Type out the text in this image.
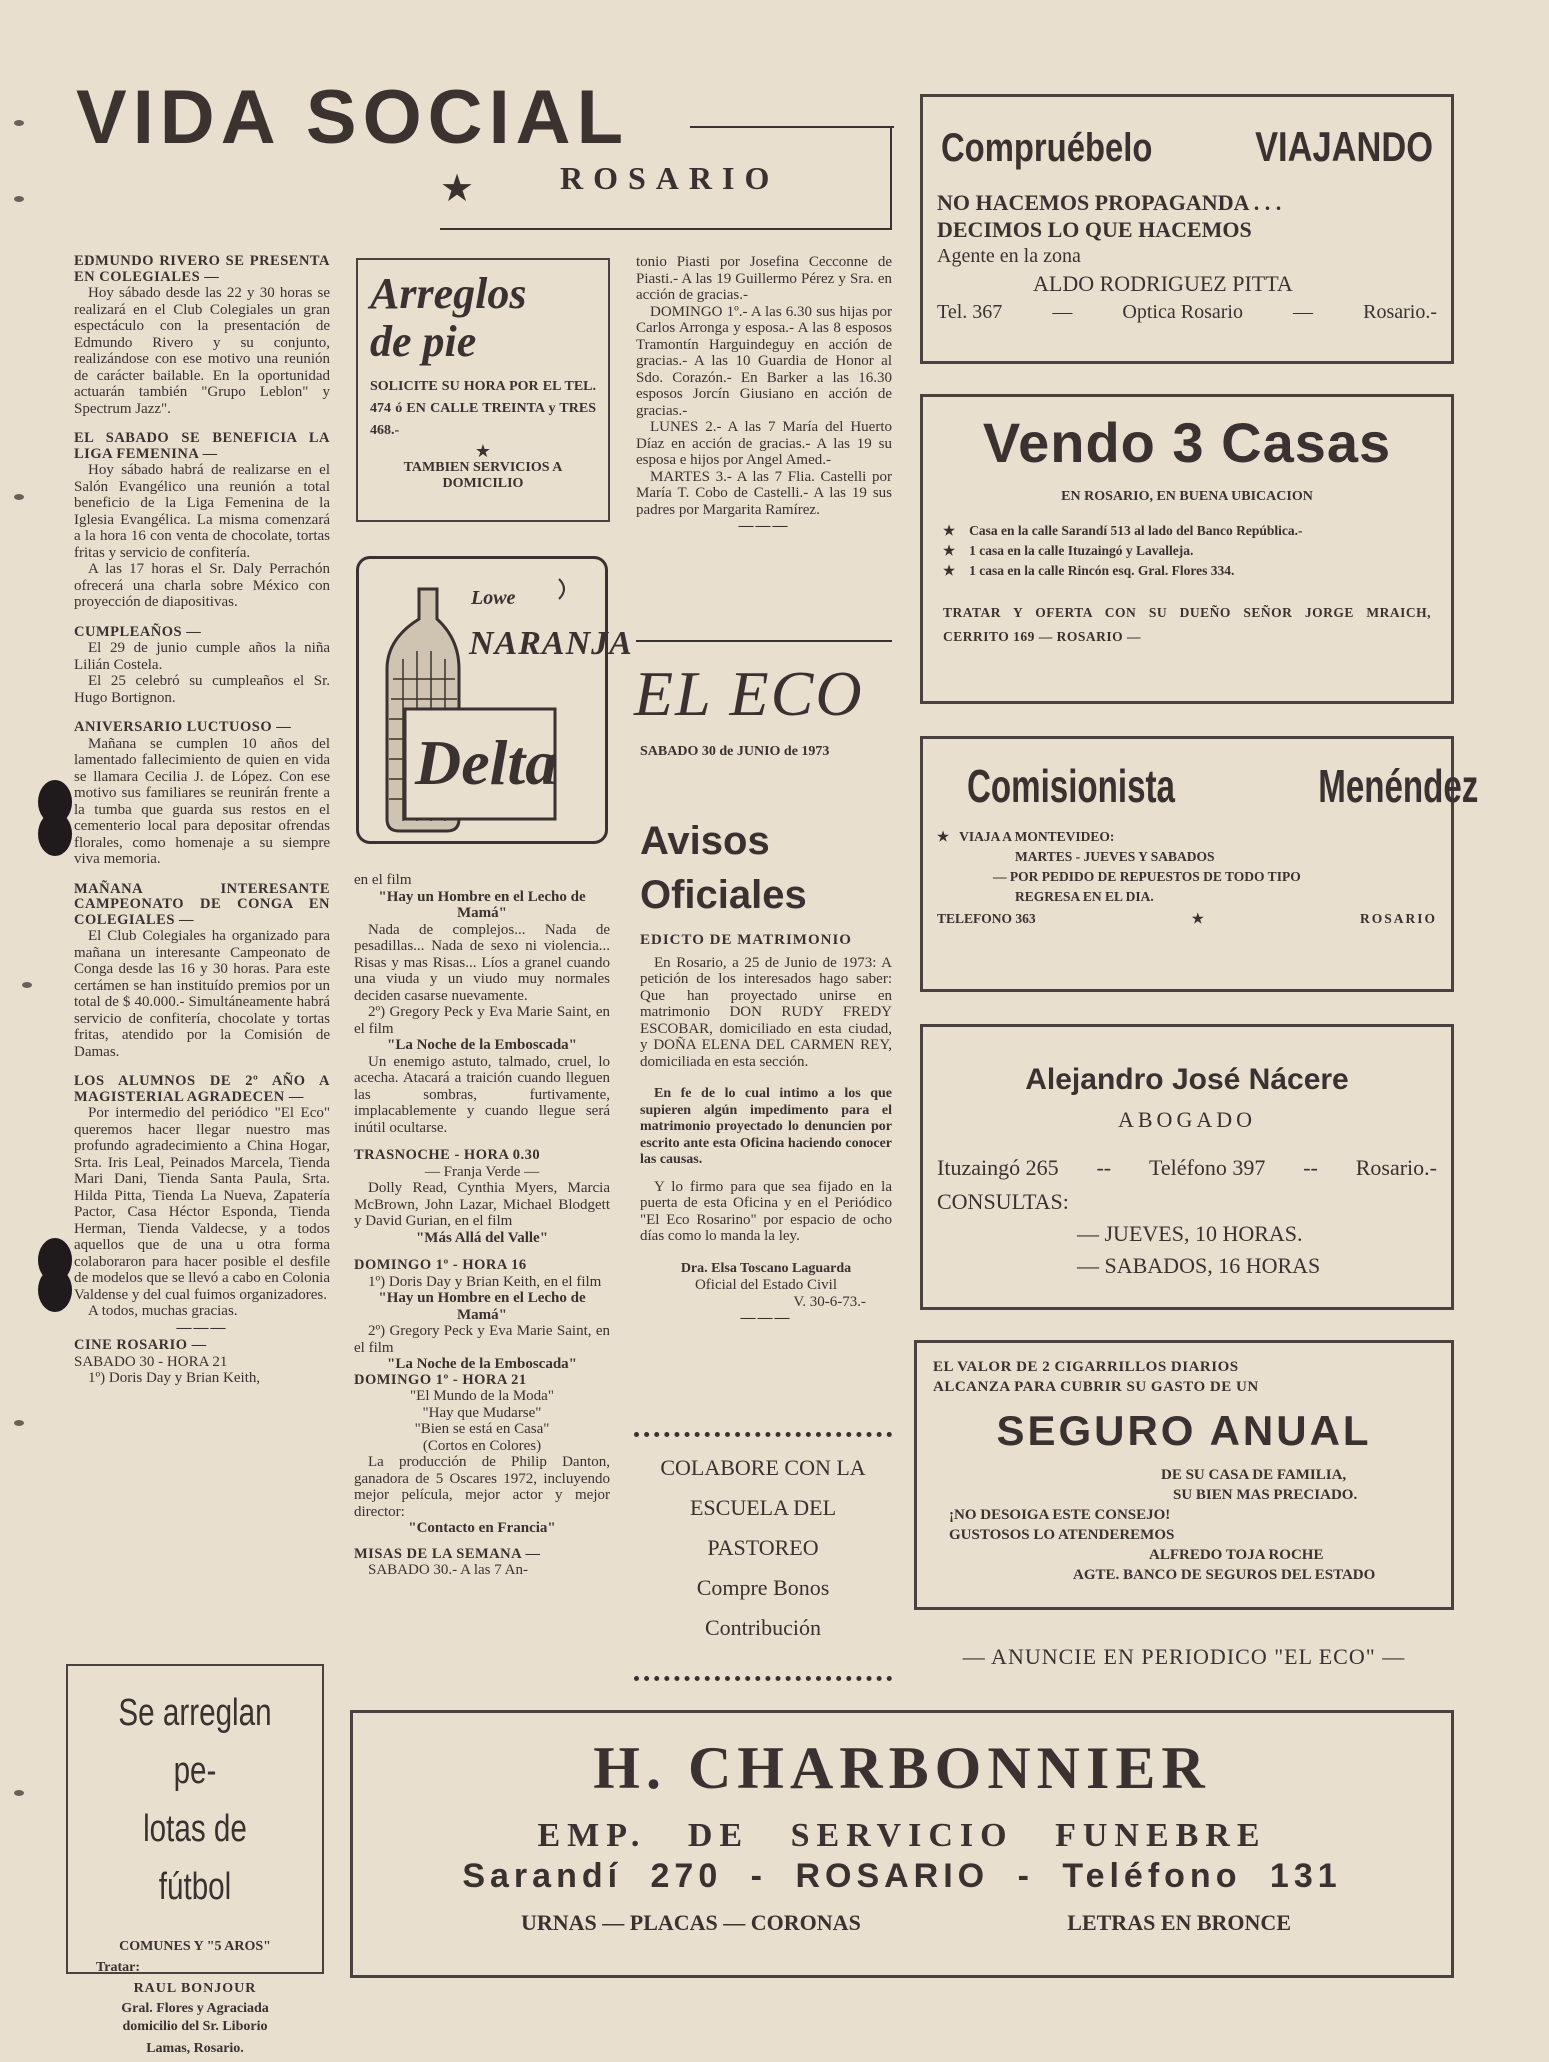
VIDA SOCIAL
★	ROSARIO
EDMUNDO RIVERO SE PRESENTA EN COLEGIALES —

Hoy sábado desde las 22 y 30 horas se realizará en el Club Colegiales un gran espectáculo con la presentación de Edmundo Rivero y su conjunto, realizándose con ese motivo una reunión de carácter bailable. En la oportunidad actuarán también "Grupo Leblon" y Spectrum Jazz".

EL SABADO SE BENEFICIA LA LIGA FEMENINA —

Hoy sábado habrá de realizarse en el Salón Evangélico una reunión a total beneficio de la Liga Femenina de la Iglesia Evangélica. La misma comenzará a la hora 16 con venta de chocolate, tortas fritas y servicio de confitería.

A las 17 horas el Sr. Daly Perrachón ofrecerá una charla sobre México con proyección de diapositivas.

CUMPLEAÑOS —

El 29 de junio cumple años la niña Lilián Costela.

El 25 celebró su cumpleaños el Sr. Hugo Bortignon.

ANIVERSARIO LUCTUOSO —

Mañana se cumplen 10 años del lamentado fallecimiento de quien en vida se llamara Cecilia J. de López. Con ese motivo sus familiares se reunirán frente a la tumba que guarda sus restos en el cementerio local para depositar ofrendas florales, como homenaje a su siempre viva memoria.

MAÑANA INTERESANTE CAMPEONATO DE CONGA EN COLEGIALES —

El Club Colegiales ha organizado para mañana un interesante Campeonato de Conga desde las 16 y 30 horas. Para este certámen se han instituído premios por un total de $ 40.000.- Simultáneamente habrá servicio de confitería, chocolate y tortas fritas, atendido por la Comisión de Damas.

LOS ALUMNOS DE 2º AÑO A MAGISTERIAL AGRADECEN —

Por intermedio del periódico "El Eco" queremos hacer llegar nuestro mas profundo agradecimiento a China Hogar, Srta. Iris Leal, Peinados Marcela, Tienda Mari Dani, Tienda Santa Paula, Srta. Hilda Pitta, Tienda La Nueva, Zapatería Pactor, Casa Héctor Esponda, Tienda Herman, Tienda Valdecse, y a todos aquellos que de una u otra forma colaboraron para hacer posible el desfile de modelos que se llevó a cabo en Colonia Valdense y del cual fuimos organizadores.

A todos, muchas gracias.

———
CINE ROSARIO —
SABADO 30 - HORA 21

1º) Doris Day y Brian Keith,

Arreglos
de pie
SOLICITE SU HORA POR EL TEL. 474 ó EN CALLE TREINTA y TRES 468.-
★
TAMBIEN SERVICIOS A DOMICILIO
Lowe
NARANJA
Delta
en el film
"Hay un Hombre en el Lecho de Mamá"

Nada de complejos... Nada de pesadillas... Nada de sexo ni violencia... Risas y mas Risas... Líos a granel cuando una viuda y un viudo muy normales deciden casarse nuevamente.

2º) Gregory Peck y Eva Marie Saint, en el film

"La Noche de la Emboscada"

Un enemigo astuto, talmado, cruel, lo acecha. Atacará a traición cuando lleguen las sombras, furtivamente, implacablemente y cuando llegue será inútil ocultarse.

TRASNOCHE - HORA 0.30
— Franja Verde —

Dolly Read, Cynthia Myers, Marcia McBrown, John Lazar, Michael Blodgett y David Gurian, en el film

"Más Allá del Valle"
DOMINGO 1º - HORA 16

1º) Doris Day y Brian Keith, en el film

"Hay un Hombre en el Lecho de Mamá"

2º) Gregory Peck y Eva Marie Saint, en el film

"La Noche de la Emboscada"
DOMINGO 1º - HORA 21
"El Mundo de la Moda"
"Hay que Mudarse"
"Bien se está en Casa"
(Cortos en Colores)

La producción de Philip Danton, ganadora de 5 Oscares 1972, incluyendo mejor película, mejor actor y mejor director:

"Contacto en Francia"
MISAS DE LA SEMANA —

SABADO 30.- A las 7 An-

tonio Piasti por Josefina Cecconne de Piasti.- A las 19 Guillermo Pérez y Sra. en acción de gracias.-

DOMINGO 1º.- A las 6.30 sus hijas por Carlos Arronga y esposa.- A las 8 esposos Tramontín Harguindeguy en acción de gracias.- A las 10 Guardia de Honor al Sdo. Corazón.- En Barker a las 16.30 esposos Jorcín Giusiano en acción de gracias.-

LUNES 2.- A las 7 María del Huerto Díaz en acción de gracias.- A las 19 su esposa e hijos por Angel Amed.-

MARTES 3.- A las 7 Flia. Castelli por María T. Cobo de Castelli.- A las 19 sus padres por Margarita Ramírez.

———
EL ECO
SABADO 30 de JUNIO de 1973
Avisos
Oficiales
EDICTO DE MATRIMONIO

En Rosario, a 25 de Junio de 1973: A petición de los interesados hago saber: Que han proyectado unirse en matrimonio DON RUDY FREDY ESCOBAR, domiciliado en esta ciudad, y DOÑA ELENA DEL CARMEN REY, domiciliada en esta sección.

En fe de lo cual intimo a los que supieren algún impedimento para el matrimonio proyectado lo denuncien por escrito ante esta Oficina haciendo conocer las causas.

Y lo firmo para que sea fijado en la puerta de esta Oficina y en el Periódico "El Eco Rosarino" por espacio de ocho días como lo manda la ley.

Dra. Elsa Toscano Laguarda
Oficial del Estado Civil
V. 30-6-73.-
———
COLABORE CON LA
ESCUELA DEL
PASTOREO
Compre Bonos
Contribución
Compruébelo VIAJANDO
NO HACEMOS PROPAGANDA . . .
DECIMOS LO QUE HACEMOS
Agente en la zona
ALDO RODRIGUEZ PITTA
Tel. 367	—	Optica Rosario	—	Rosario.-
Vendo 3 Casas
EN ROSARIO, EN BUENA UBICACION
★ Casa en la calle Sarandí 513 al lado del Banco República.-
★ 1 casa en la calle Ituzaingó y Lavalleja.
★ 1 casa en la calle Rincón esq. Gral. Flores 334.
TRATAR Y OFERTA CON SU DUEÑO SEÑOR JORGE MRAICH, CERRITO 169 — ROSARIO —
Comisionista	Menéndez
★ VIAJA A MONTEVIDEO:
MARTES - JUEVES Y SABADOS
— POR PEDIDO DE REPUESTOS DE TODO TIPO
REGRESA EN EL DIA.
TELEFONO 363	★	ROSARIO
Alejandro José Nácere
ABOGADO
Ituzaingó 265 -- Teléfono 397 -- Rosario.-
CONSULTAS:
— JUEVES, 10 HORAS.
— SABADOS, 16 HORAS
EL VALOR DE 2 CIGARRILLOS DIARIOS
ALCANZA PARA CUBRIR SU GASTO DE UN
SEGURO ANUAL
DE SU CASA DE FAMILIA,
SU BIEN MAS PRECIADO.
¡NO DESOIGA ESTE CONSEJO!
GUSTOSOS LO ATENDEREMOS
ALFREDO TOJA ROCHE
AGTE. BANCO DE SEGUROS DEL ESTADO
— ANUNCIE EN PERIODICO "EL ECO" —
Se arreglan pe-
lotas de fútbol
COMUNES Y "5 AROS"
Tratar:
RAUL BONJOUR
Gral. Flores y Agraciada
domicilio del Sr. Liborio
Lamas, Rosario.
H. CHARBONNIER
EMP. DE SERVICIO FUNEBRE
Sarandí 270 - ROSARIO - Teléfono 131
URNAS — PLACAS — CORONAS	LETRAS EN BRONCE
